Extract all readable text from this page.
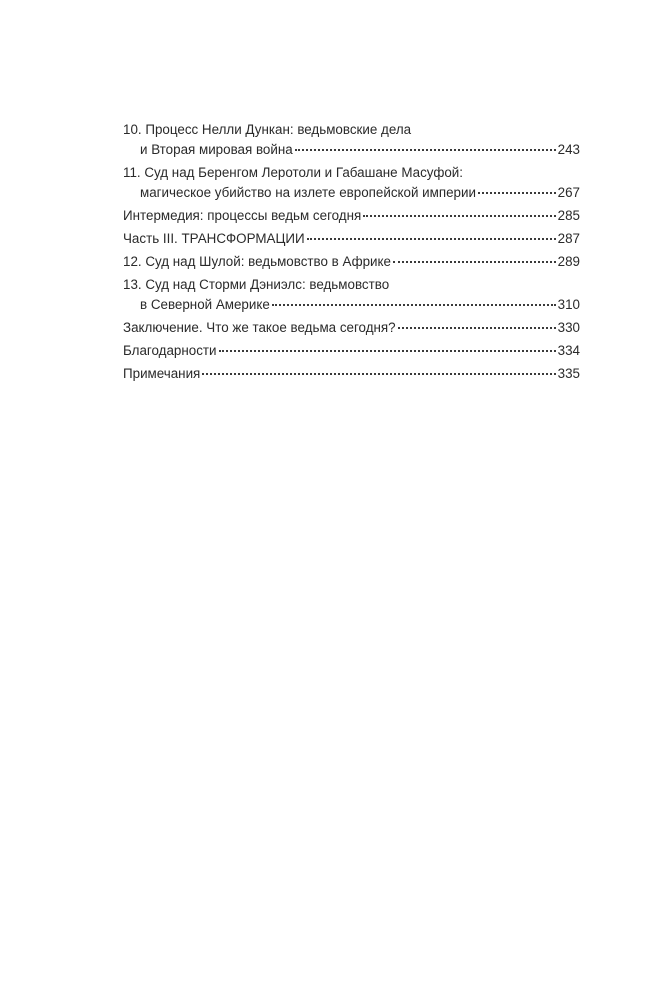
10. Процесс Нелли Дункан: ведьмовские дела
и Вторая мировая война	243
11. Суд над Беренгом Леротоли и Габашане Масуфой:
магическое убийство на излете европейской империи	267
Интермедия: процессы ведьм сегодня	285
Часть III. ТРАНСФОРМАЦИИ	287
12. Суд над Шулой: ведьмовство в Африке	289
13. Суд над Сторми Дэниэлс: ведьмовство
в Северной Америке	310
Заключение. Что же такое ведьма сегодня?	330
Благодарности	334
Примечания	335
